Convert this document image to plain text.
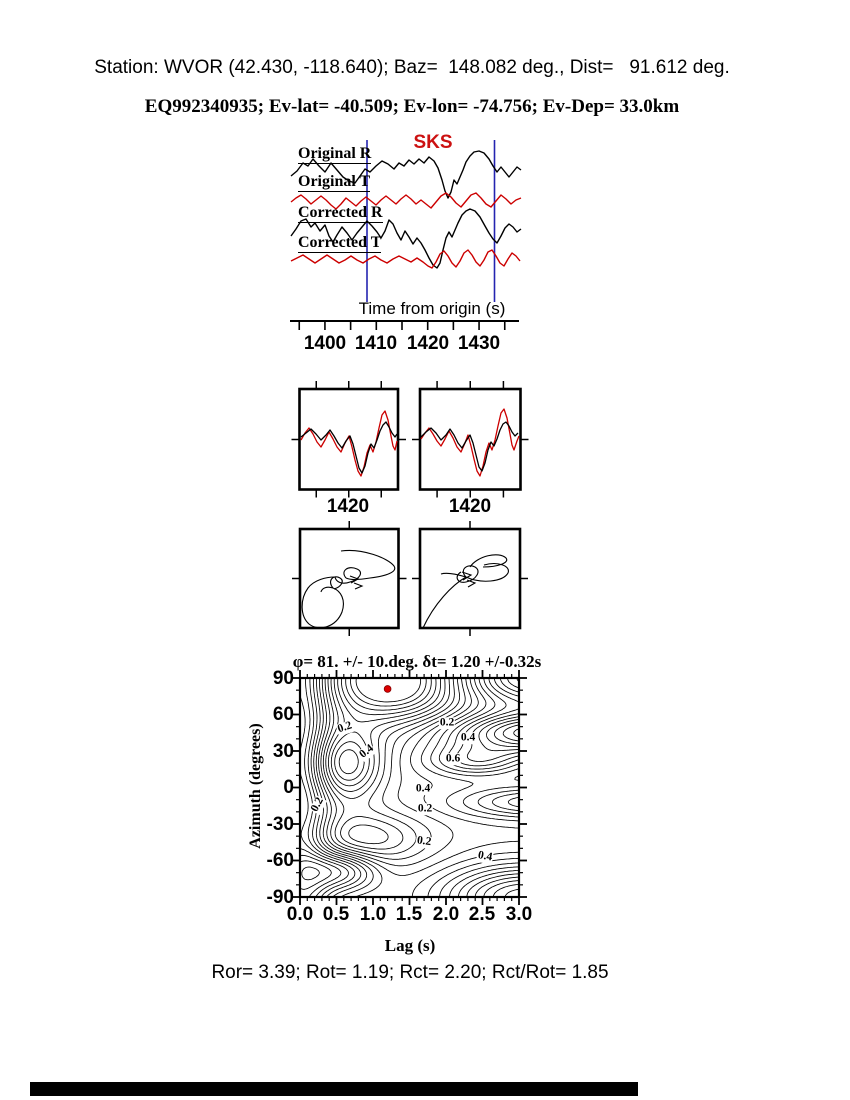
Station: WVOR (42.430, -118.640); Baz=  148.082 deg., Dist=   91.612 deg.
EQ992340935; Ev-lat= -40.509; Ev-lon= -74.756; Ev-Dep= 33.0km
SKS
Original R
Original T
Corrected R
Corrected T
Time from origin (s)
1400 1410 1420 1430
1420	1420
φ= 81. +/- 10.deg. δt= 1.20 +/-0.32s
Azimuth (degrees)
90
60
30
0
-30
-60
-90
0.0 0.5 1.0 1.5 2.0 2.5 3.0
Lag (s)
Ror= 3.39; Rot= 1.19; Rct= 2.20; Rct/Rot= 1.85
0.2	0.2
0.4
0.4	0.6
0.4
0.2
0.2
0.2
0.4
